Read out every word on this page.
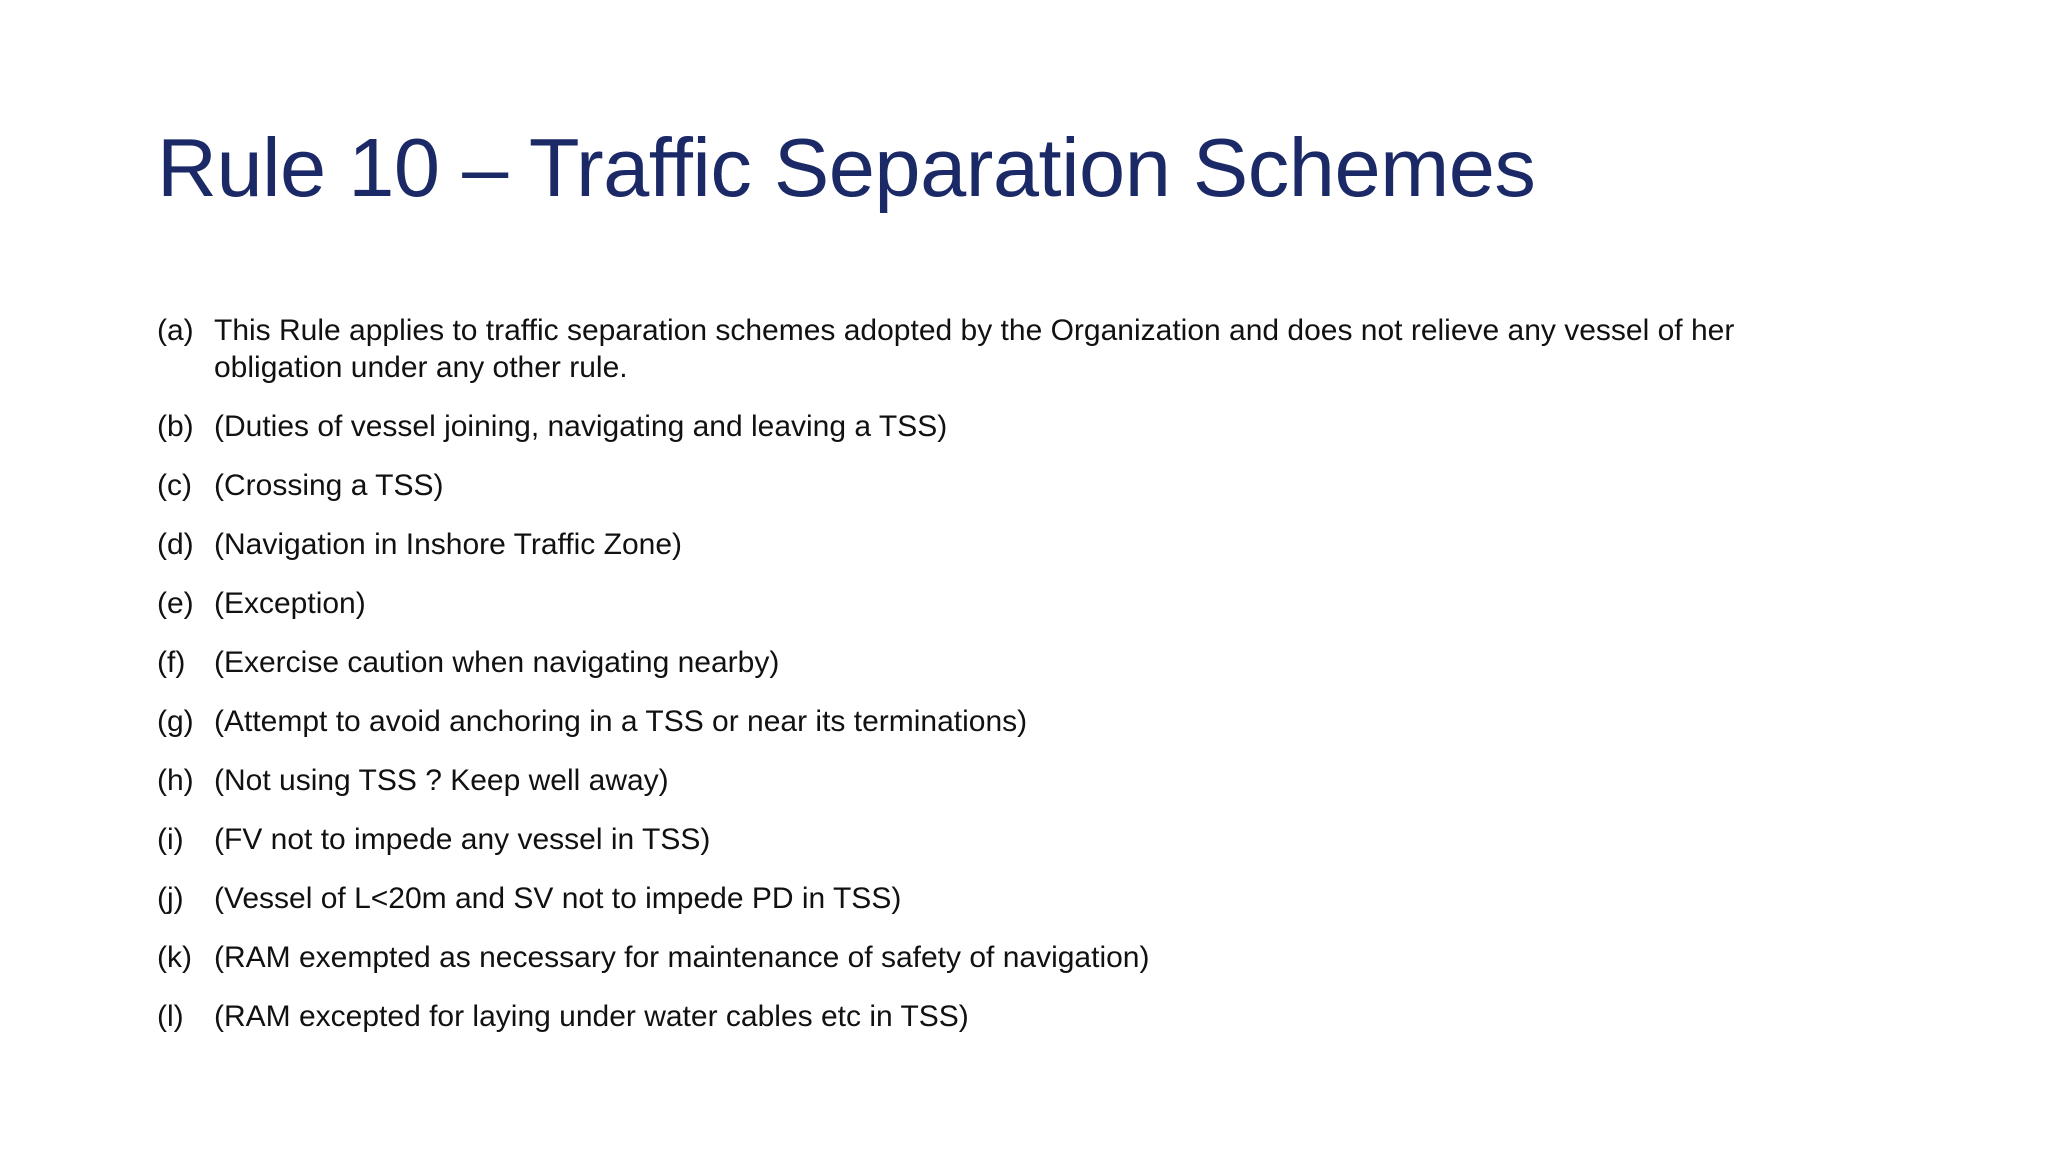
Rule 10 – Traffic Separation Schemes
(a) This Rule applies to traffic separation schemes adopted by the Organization and does not relieve any vessel of her obligation under any other rule.
(b) (Duties of vessel joining, navigating and leaving a TSS)
(c) (Crossing a TSS)
(d) (Navigation in Inshore Traffic Zone)
(e) (Exception)
(f) (Exercise caution when navigating nearby)
(g) (Attempt to avoid anchoring in a TSS or near its terminations)
(h) (Not using TSS ? Keep well away)
(i)	(FV not to impede any vessel in TSS)
(j)	(Vessel of L<20m and SV not to impede PD in TSS)
(k) (RAM exempted as necessary for maintenance of safety of navigation)
(l)	(RAM excepted for laying under water cables etc in TSS)
